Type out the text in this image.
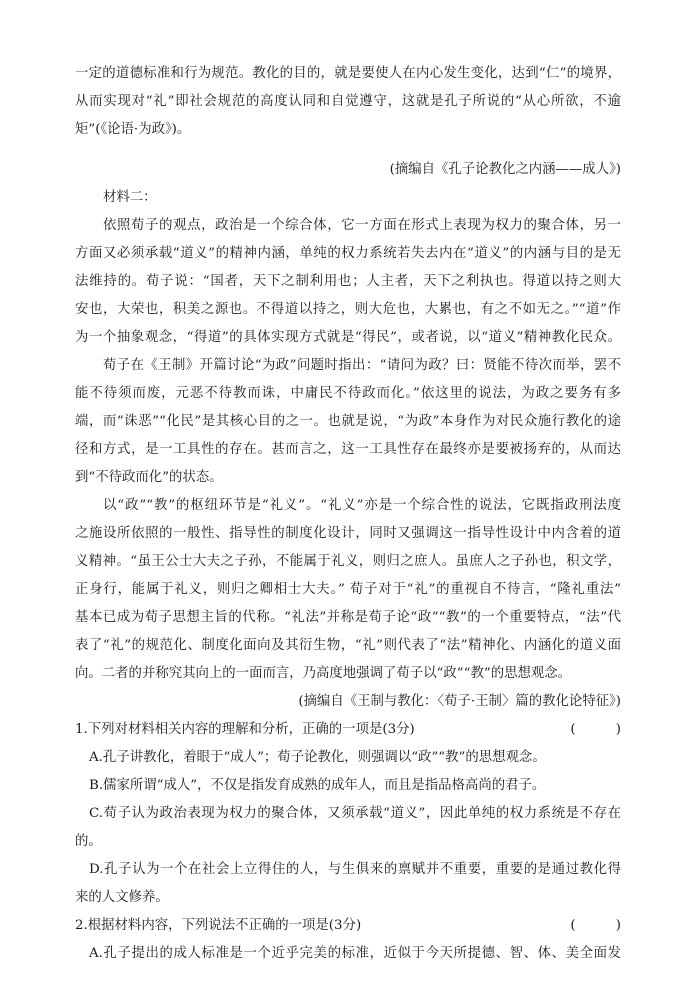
一定的道德标准和行为规范。教化的目的，就是要使人在内心发生变化，达到“仁”的境界，
从而实现对“礼”即社会规范的高度认同和自觉遵守，这就是孔子所说的“从心所欲，不逾
矩”(《论语·为政》)。
(摘编自《孔子论教化之内涵——成人》)
材料二：
依照荀子的观点，政治是一个综合体，它一方面在形式上表现为权力的聚合体，另一
方面又必须承载“道义”的精神内涵，单纯的权力系统若失去内在“道义”的内涵与目的是无
法维持的。荀子说：“国者，天下之制利用也；人主者，天下之利执也。得道以持之则大
安也，大荣也，积美之源也。不得道以持之，则大危也，大累也，有之不如无之。”“道”作
为一个抽象观念，“得道”的具体实现方式就是“得民”，或者说，以“道义”精神教化民众。
荀子在《王制》开篇讨论“为政”问题时指出：“请问为政？曰：贤能不待次而举，罢不
能不待须而废，元恶不待教而诛，中庸民不待政而化。”依这里的说法，为政之要务有多
端，而“诛恶”“化民”是其核心目的之一。也就是说，“为政”本身作为对民众施行教化的途
径和方式，是一工具性的存在。甚而言之，这一工具性存在最终亦是要被扬弃的，从而达
到“不待政而化”的状态。
以“政”“教”的枢纽环节是“礼义”。“礼义”亦是一个综合性的说法，它既指政刑法度
之施设所依照的一般性、指导性的制度化设计，同时又强调这一指导性设计中内含着的道
义精神。“虽王公士大夫之子孙，不能属于礼义，则归之庶人。虽庶人之子孙也，积文学，
正身行，能属于礼义，则归之卿相士大夫。” 荀子对于“礼”的重视自不待言，“隆礼重法”
基本已成为荀子思想主旨的代称。“礼法”并称是荀子论“政”“教”的一个重要特点，“法”代
表了“礼”的规范化、制度化面向及其衍生物，“礼”则代表了“法”精神化、内涵化的道义面
向。二者的并称究其向上的一面而言，乃高度地强调了荀子以“政”“教”的思想观念。
(摘编自《王制与教化：〈荀子·王制〉篇的教化论特征》)
1.下列对材料相关内容的理解和分析，正确的一项是(3分)	(　　　)
A.孔子讲教化，着眼于“成人”；荀子论教化，则强调以“政”“教”的思想观念。
B.儒家所谓“成人”，不仅是指发育成熟的成年人，而且是指品格高尚的君子。
C.荀子认为政治表现为权力的聚合体，又须承载“道义”，因此单纯的权力系统是不存在
的。
D.孔子认为一个在社会上立得住的人，与生俱来的禀赋并不重要，重要的是通过教化得
来的人文修养。
2.根据材料内容，下列说法不正确的一项是(3分)	(　　　)
A.孔子提出的成人标准是一个近乎完美的标准，近似于今天所提德、智、体、美全面发
